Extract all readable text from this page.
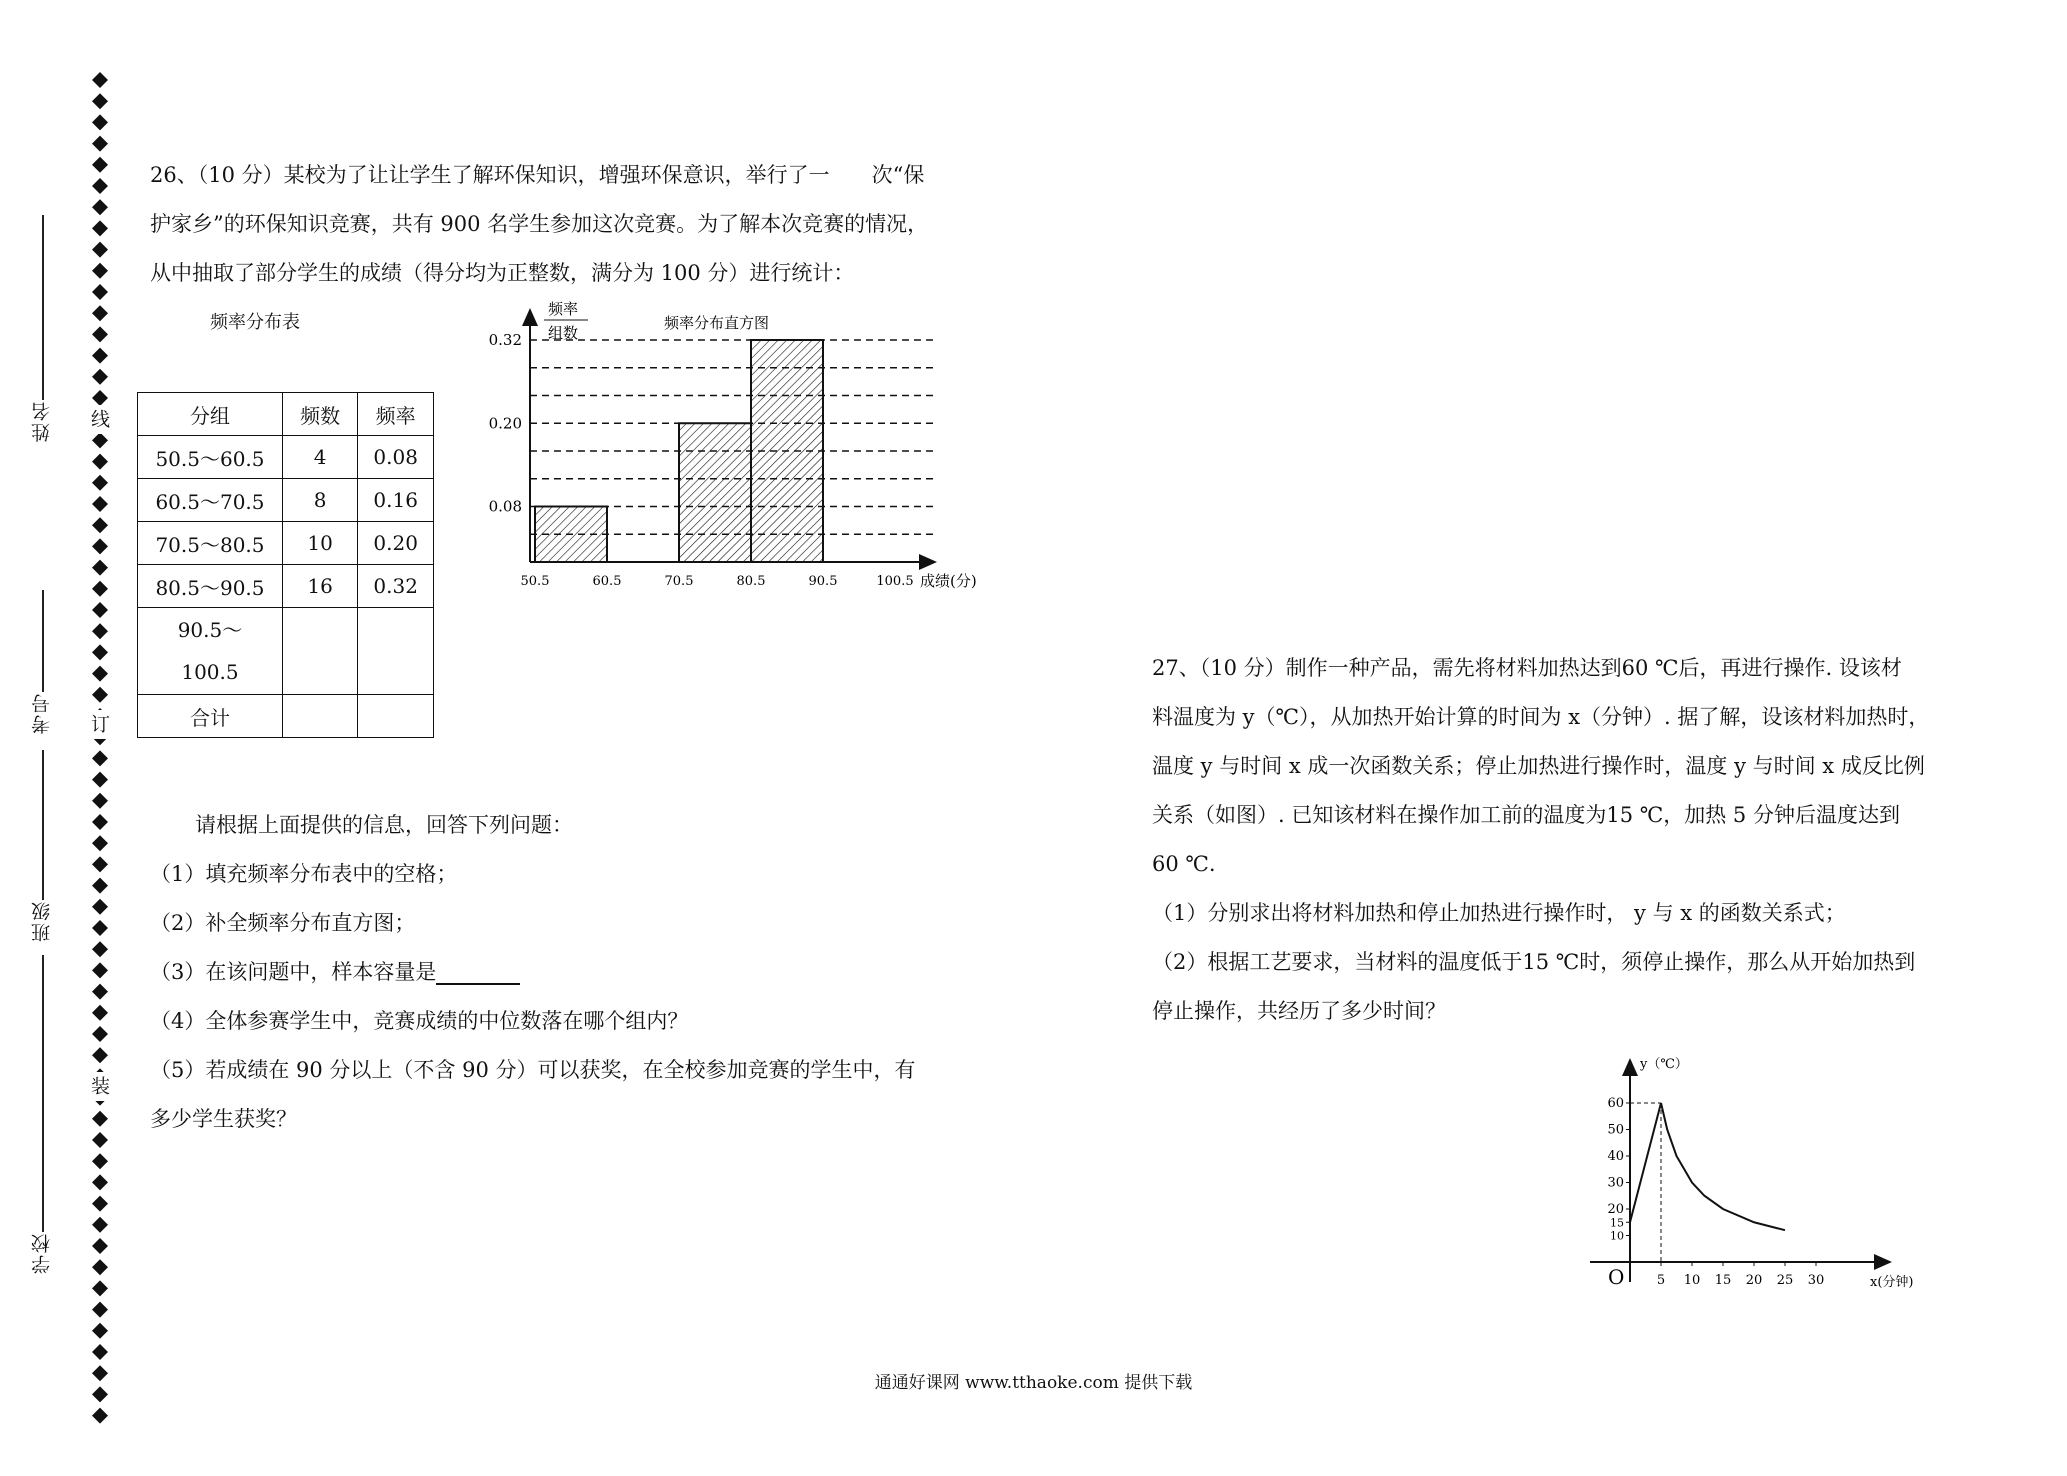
线
订
装
姓名
考号
班级
学校
26、（10 分）某校为了让让学生了解环保知识，增强环保意识，举行了一　　次“保
护家乡”的环保知识竞赛，共有 900 名学生参加这次竞赛。为了解本次竞赛的情况，
从中抽取了部分学生的成绩（得分均为正整数，满分为 100 分）进行统计：
频率分布表
分组	频数	频率
50.5～60.5	4	0.08
60.5～70.5	8	0.16
70.5～80.5	10	0.20
80.5～90.5	16	0.32
90.5～
100.5		
合计		
频率
组数
频率分布直方图
0.08
0.20
0.32
50.5	60.5	70.5	80.5	90.5	100.5 成绩(分)
请根据上面提供的信息，回答下列问题：
（1）填充频率分布表中的空格；
（2）补全频率分布直方图；
（3）在该问题中，样本容量是
（4）全体参赛学生中，竞赛成绩的中位数落在哪个组内？
（5）若成绩在 90 分以上（不含 90 分）可以获奖，在全校参加竞赛的学生中，有
多少学生获奖？
27、（10 分）制作一种产品，需先将材料加热达到60 ℃后，再进行操作. 设该材
料温度为 y（℃），从加热开始计算的时间为 x（分钟）. 据了解，设该材料加热时，
温度 y 与时间 x 成一次函数关系；停止加热进行操作时，温度 y 与时间 x 成反比例
关系（如图）. 已知该材料在操作加工前的温度为15 ℃，加热 5 分钟后温度达到
60 ℃.
（1）分别求出将材料加热和停止加热进行操作时， y 与 x 的函数关系式；
（2）根据工艺要求，当材料的温度低于15 ℃时，须停止操作，那么从开始加热到
停止操作，共经历了多少时间？
y（℃）
x(分钟)
O
10
15
20
30
40
50
60
5 10 15 20 25 30
通通好课网 www.tthaoke.com 提供下载
